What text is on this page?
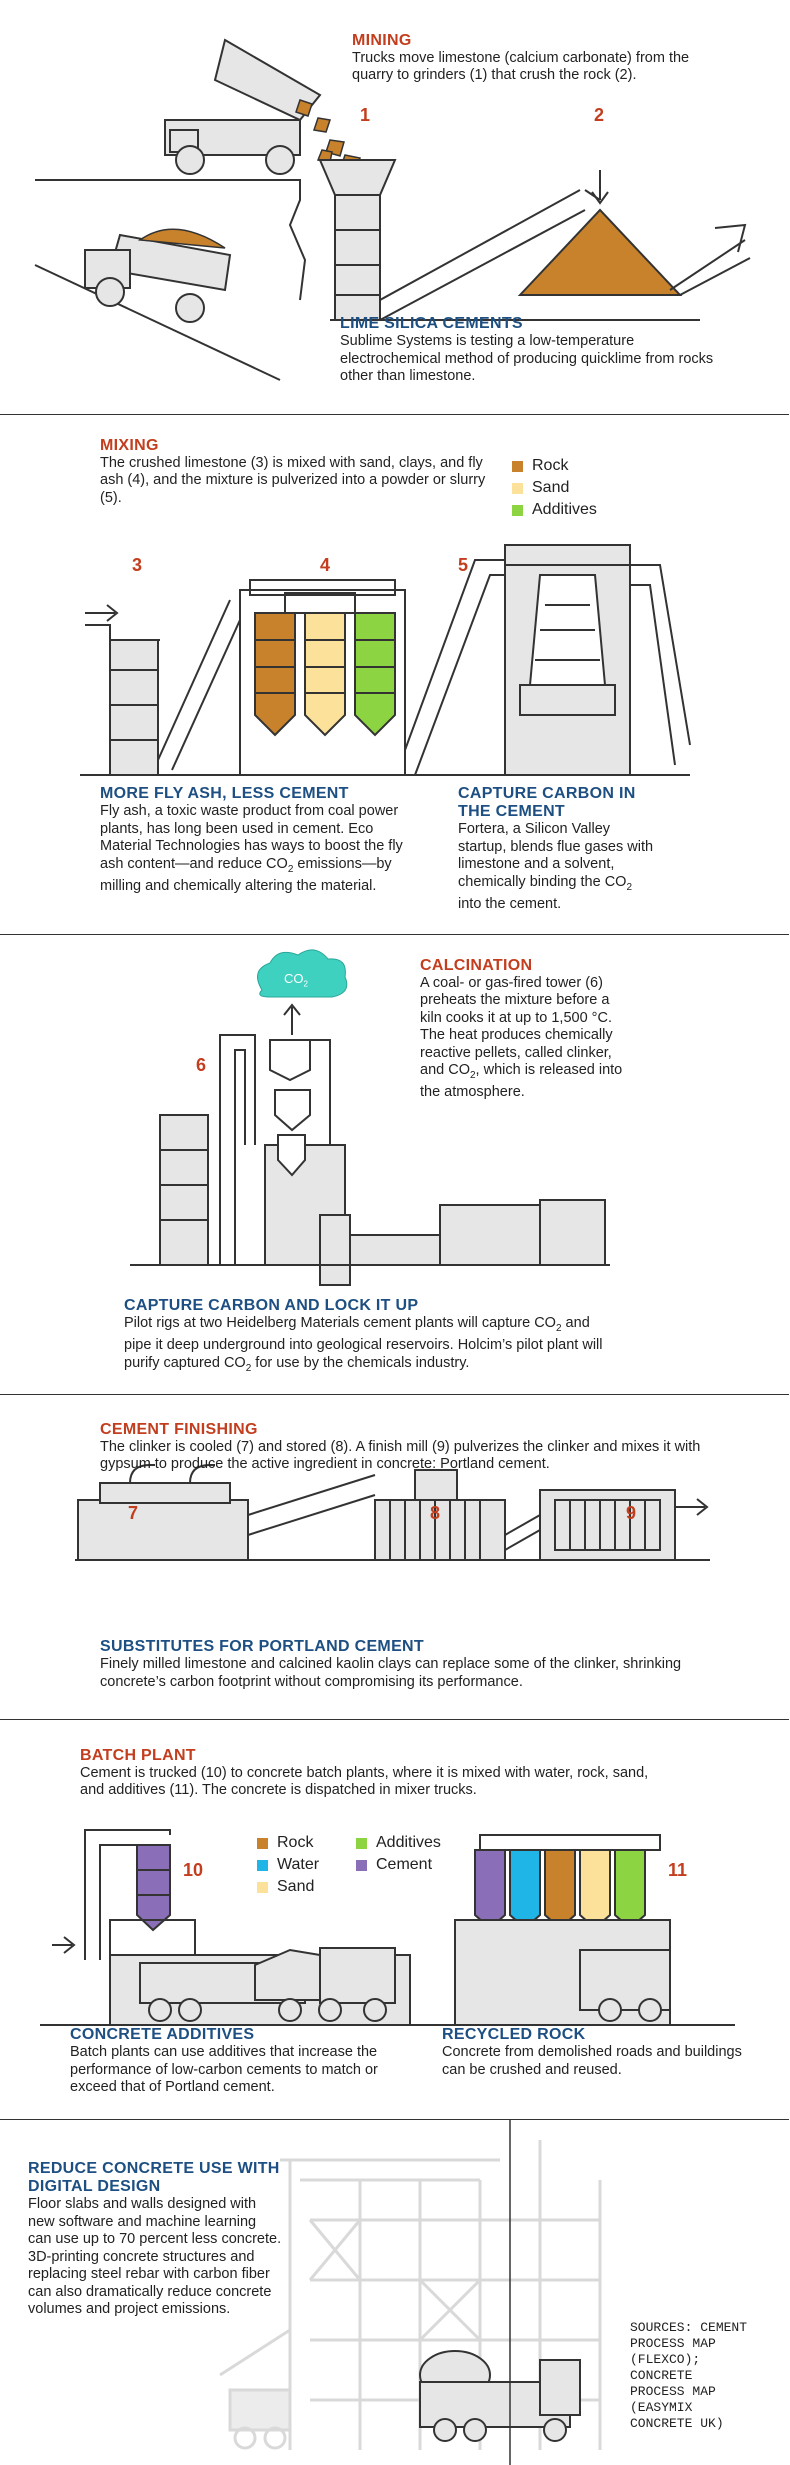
1	2
MINING
Trucks move limestone (calcium carbonate) from the quarry to grinders (1) that crush the rock (2).
LIME SILICA CEMENTS
Sublime Systems is testing a low-temperature electrochemical method of producing quicklime from rocks other than limestone.
3	4	5
MIXING
The crushed limestone (3) is mixed with sand, clays, and fly ash (4), and the mixture is pulverized into a powder or slurry (5).
Rock
Sand
Additives
MORE FLY ASH, LESS CEMENT
Fly ash, a toxic waste product from coal power plants, has long been used in cement. Eco Material Technologies has ways to boost the fly ash content—and reduce $CO_2$ emissions—by milling and chemically altering the material.
CAPTURE CARBON IN THE CEMENT
Fortera, a Silicon Valley startup, blends flue gases with limestone and a solvent, chemically binding the $CO_2$ into the cement.
$CO_2$
6
CALCINATION
A coal- or gas-fired tower (6) preheats the mixture before a kiln cooks it at up to 1,500 °C. The heat produces chemically reactive pellets, called clinker, and $CO_2$, which is released into the atmosphere.
CAPTURE CARBON AND LOCK IT UP
Pilot rigs at two Heidelberg Materials cement plants will capture $CO_2$ and pipe it deep underground into geological reservoirs. Holcim’s pilot plant will purify captured $CO_2$ for use by the chemicals industry.
7	8	9
CEMENT FINISHING
The clinker is cooled (7) and stored (8). A finish mill (9) pulverizes the clinker and mixes it with gypsum to produce the active ingredient in concrete: Portland cement.
SUBSTITUTES FOR PORTLAND CEMENT
Finely milled limestone and calcined kaolin clays can replace some of the clinker, shrinking concrete’s carbon footprint without compromising its performance.
10	11
BATCH PLANT
Cement is trucked (10) to concrete batch plants, where it is mixed with water, rock, sand, and additives (11). The concrete is dispatched in mixer trucks.
Rock
Water
Sand
Additives
Cement
CONCRETE ADDITIVES
Batch plants can use additives that increase the performance of low-carbon cements to match or exceed that of Portland cement.
RECYCLED ROCK
Concrete from demolished roads and buildings can be crushed and reused.
REDUCE CONCRETE USE WITH DIGITAL DESIGN
Floor slabs and walls designed with new software and machine learning can use up to 70 percent less concrete. 3D-printing concrete structures and replacing steel rebar with carbon fiber can also dramatically reduce concrete volumes and project emissions.
SOURCES: CEMENT PROCESS MAP (FLEXCO); CONCRETE PROCESS MAP (EASYMIX CONCRETE UK)
